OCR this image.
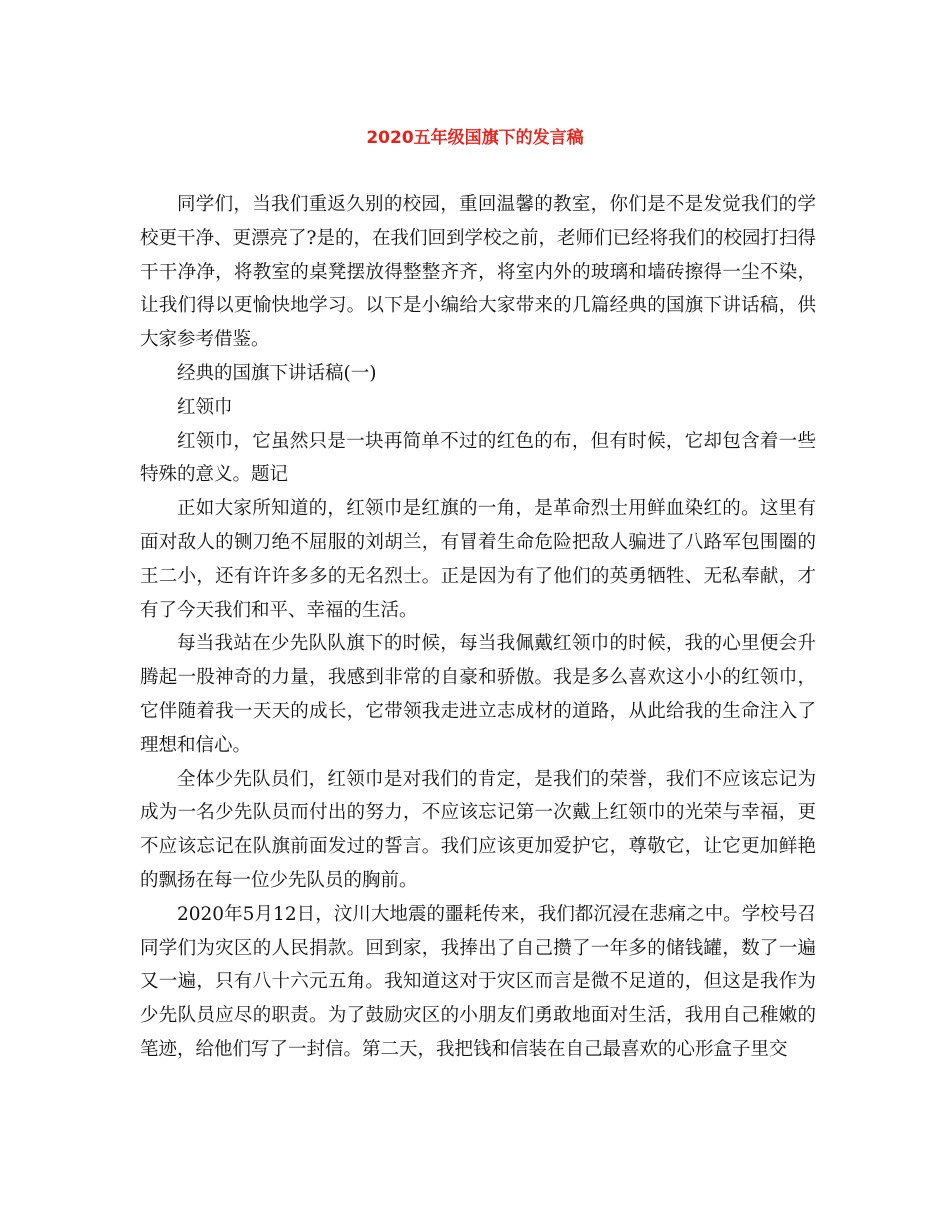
2020五年级国旗下的发言稿

同学们，当我们重返久别的校园，重回温馨的教室，你们是不是发觉我们的学校更干净、更漂亮了?是的，在我们回到学校之前，老师们已经将我们的校园打扫得干干净净，将教室的桌凳摆放得整整齐齐，将室内外的玻璃和墙砖擦得一尘不染，让我们得以更愉快地学习。以下是小编给大家带来的几篇经典的国旗下讲话稿，供大家参考借鉴。

经典的国旗下讲话稿(一)

红领巾

红领巾，它虽然只是一块再简单不过的红色的布，但有时候，它却包含着一些特殊的意义。题记

正如大家所知道的，红领巾是红旗的一角，是革命烈士用鲜血染红的。这里有面对敌人的铡刀绝不屈服的刘胡兰，有冒着生命危险把敌人骗进了八路军包围圈的王二小，还有许许多多的无名烈士。正是因为有了他们的英勇牺牲、无私奉献，才有了今天我们和平、幸福的生活。

每当我站在少先队队旗下的时候，每当我佩戴红领巾的时候，我的心里便会升腾起一股神奇的力量，我感到非常的自豪和骄傲。我是多么喜欢这小小的红领巾，它伴随着我一天天的成长，它带领我走进立志成材的道路，从此给我的生命注入了理想和信心。

全体少先队员们，红领巾是对我们的肯定，是我们的荣誉，我们不应该忘记为成为一名少先队员而付出的努力，不应该忘记第一次戴上红领巾的光荣与幸福，更不应该忘记在队旗前面发过的誓言。我们应该更加爱护它，尊敬它，让它更加鲜艳的飘扬在每一位少先队员的胸前。

2020年5月12日，汶川大地震的噩耗传来，我们都沉浸在悲痛之中。学校号召同学们为灾区的人民捐款。回到家，我捧出了自己攒了一年多的储钱罐，数了一遍又一遍，只有八十六元五角。我知道这对于灾区而言是微不足道的，但这是我作为少先队员应尽的职责。为了鼓励灾区的小朋友们勇敢地面对生活，我用自己稚嫩的笔迹，给他们写了一封信。第二天，我把钱和信装在自己最喜欢的心形盒子里交
